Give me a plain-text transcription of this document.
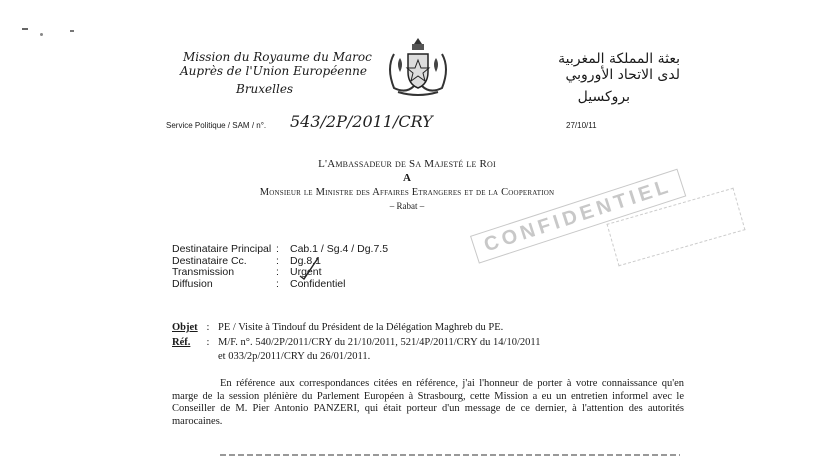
Mission du Royaume du Maroc
Auprès de l'Union Européenne
Bruxelles
بعثة المملكة المغربية
لدى الاتحاد الأوروبي
بروكسيل
Service Politique / SAM / n°. 543/2P/2011/CRY	27/10/11
L'Ambassadeur de Sa Majesté le Roi
A
Monsieur le Ministre des Affaires Etrangeres et de la Cooperation
– Rabat –
Destinataire Principal :	Cab.1 / Sg.4 / Dg.7.5
Destinataire Cc.	:	Dg.8.1
Transmission	:	Urgent
Diffusion	:	Confidentiel
CONFIDENTIEL
Objet : PE / Visite à Tindouf du Président de la Délégation Maghreb du PE.
Réf.	: M/F. n°. 540/2P/2011/CRY du 21/10/2011, 521/4P/2011/CRY du 14/10/2011
et 033/2p/2011/CRY du 26/01/2011.
En référence aux correspondances citées en référence, j'ai l'honneur de porter à votre connaissance qu'en marge de la session plénière du Parlement Européen à Strasbourg, cette Mission a eu un entretien informel avec le Conseiller de M. Pier Antonio PANZERI, qui était porteur d'un message de ce dernier, à l'attention des autorités marocaines.
